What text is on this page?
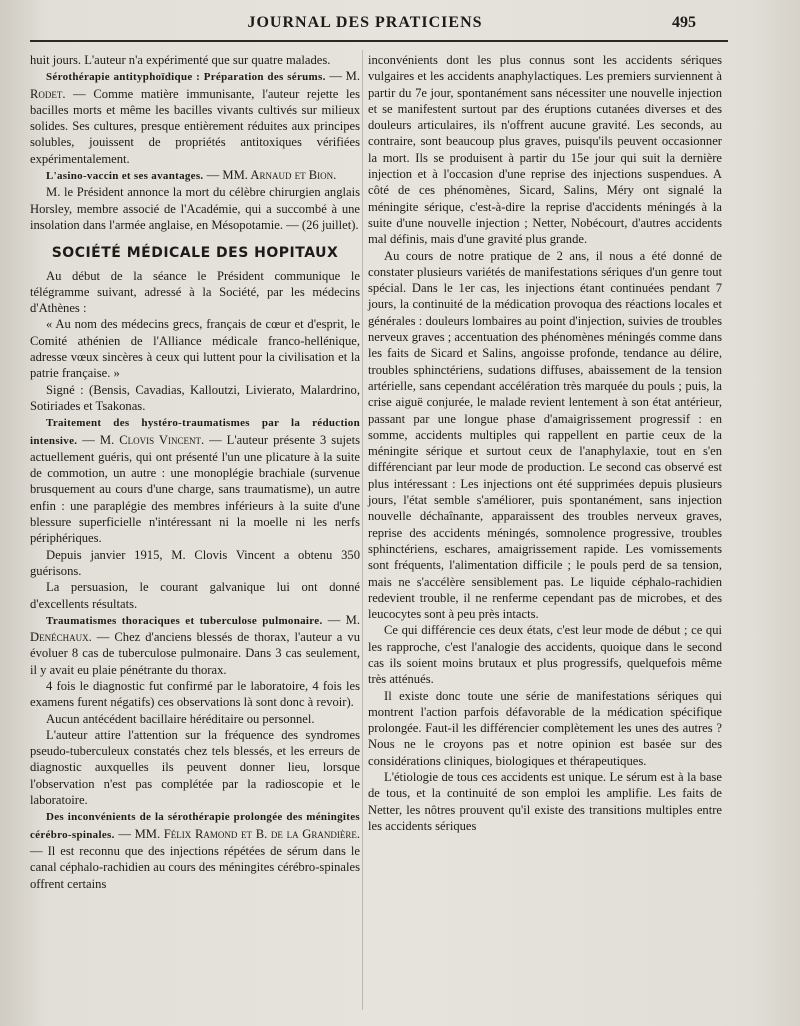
JOURNAL DES PRATICIENS	495

huit jours. L'auteur n'a expérimenté que sur quatre malades.

Sérothérapie antityphoïdique : Préparation des sérums. — M. Rodet. — Comme matière immunisante, l'auteur rejette les bacilles morts et même les bacilles vivants cultivés sur milieux solides. Ses cultures, presque entièrement réduites aux principes solubles, jouissent de propriétés antitoxiques vérifiées expérimentalement.

L'asino-vaccin et ses avantages. — MM. Arnaud et Bion.

M. le Président annonce la mort du célèbre chirurgien anglais Horsley, membre associé de l'Académie, qui a succombé à une insolation dans l'armée anglaise, en Mésopotamie. — (26 juillet).

SOCIÉTÉ MÉDICALE DES HOPITAUX

Au début de la séance le Président communique le télégramme suivant, adressé à la Société, par les médecins d'Athènes :

« Au nom des médecins grecs, français de cœur et d'esprit, le Comité athénien de l'Alliance médicale franco-hellénique, adresse vœux sincères à ceux qui luttent pour la civilisation et la patrie française. »

Signé : (Bensis, Cavadias, Kalloutzi, Livierato, Malardrino, Sotiriades et Tsakonas.

Traitement des hystéro-traumatismes par la réduction intensive. — M. Clovis Vincent. — L'auteur présente 3 sujets actuellement guéris, qui ont présenté l'un une plicature à la suite de commotion, un autre : une monoplégie brachiale (survenue brusquement au cours d'une charge, sans traumatisme), un autre enfin : une paraplégie des membres inférieurs à la suite d'une blessure superficielle n'intéressant ni la moelle ni les nerfs périphériques.

Depuis janvier 1915, M. Clovis Vincent a obtenu 350 guérisons.

La persuasion, le courant galvanique lui ont donné d'excellents résultats.

Traumatismes thoraciques et tuberculose pulmonaire. — M. Denéchaux. — Chez d'anciens blessés de thorax, l'auteur a vu évoluer 8 cas de tuberculose pulmonaire. Dans 3 cas seulement, il y avait eu plaie pénétrante du thorax.

4 fois le diagnostic fut confirmé par le laboratoire, 4 fois les examens furent négatifs) ces observations là sont donc à revoir).

Aucun antécédent bacillaire héréditaire ou personnel.

L'auteur attire l'attention sur la fréquence des syndromes pseudo-tuberculeux constatés chez tels blessés, et les erreurs de diagnostic auxquelles ils peuvent donner lieu, lorsque l'observation n'est pas complétée par la radioscopie et le laboratoire.

Des inconvénients de la sérothérapie prolongée des méningites cérébro-spinales. — MM. Félix Ramond et B. de la Grandière. — Il est reconnu que des injections répétées de sérum dans le canal céphalo-rachidien au cours des méningites cérébro-spinales offrent certains

inconvénients dont les plus connus sont les accidents sériques vulgaires et les accidents anaphylactiques. Les premiers surviennent à partir du 7e jour, spontanément sans nécessiter une nouvelle injection et se manifestent surtout par des éruptions cutanées diverses et des douleurs articulaires, ils n'offrent aucune gravité. Les seconds, au contraire, sont beaucoup plus graves, puisqu'ils peuvent occasionner la mort. Ils se produisent à partir du 15e jour qui suit la dernière injection et à l'occasion d'une reprise des injections suspendues. A côté de ces phénomènes, Sicard, Salins, Méry ont signalé la méningite sérique, c'est-à-dire la reprise d'accidents méningés à la suite d'une nouvelle injection ; Netter, Nobécourt, d'autres accidents mal définis, mais d'une gravité plus grande.

Au cours de notre pratique de 2 ans, il nous a été donné de constater plusieurs variétés de manifestations sériques d'un genre tout spécial. Dans le 1er cas, les injections étant continuées pendant 7 jours, la continuité de la médication provoqua des réactions locales et générales : douleurs lombaires au point d'injection, suivies de troubles nerveux graves ; accentuation des phénomènes méningés comme dans les faits de Sicard et Salins, angoisse profonde, tendance au délire, troubles sphinctériens, sudations diffuses, abaissement de la tension artérielle, sans cependant accélération très marquée du pouls ; puis, la crise aiguë conjurée, le malade revient lentement à son état antérieur, passant par une longue phase d'amaigrissement progressif : en somme, accidents multiples qui rappellent en partie ceux de la méningite sérique et surtout ceux de l'anaphylaxie, tout en s'en différenciant par leur mode de production. Le second cas observé est plus intéressant : Les injections ont été supprimées depuis plusieurs jours, l'état semble s'améliorer, puis spontanément, sans injection nouvelle déchaînante, apparaissent des troubles nerveux graves, reprise des accidents méningés, somnolence progressive, troubles sphinctériens, eschares, amaigrissement rapide. Les vomissements sont fréquents, l'alimentation difficile ; le pouls perd de sa tension, mais ne s'accélère sensiblement pas. Le liquide céphalo-rachidien redevient trouble, il ne renferme cependant pas de microbes, et des leucocytes sont à peu près intacts.

Ce qui différencie ces deux états, c'est leur mode de début ; ce qui les rapproche, c'est l'analogie des accidents, quoique dans le second cas ils soient moins brutaux et plus progressifs, quelquefois même très atténués.

Il existe donc toute une série de manifestations sériques qui montrent l'action parfois défavorable de la médication spécifique prolongée. Faut-il les différencier complètement les unes des autres ? Nous ne le croyons pas et notre opinion est basée sur des considérations cliniques, biologiques et thérapeutiques.

L'étiologie de tous ces accidents est unique. Le sérum est à la base de tous, et la continuité de son emploi les amplifie. Les faits de Netter, les nôtres prouvent qu'il existe des transitions multiples entre les accidents sériques
